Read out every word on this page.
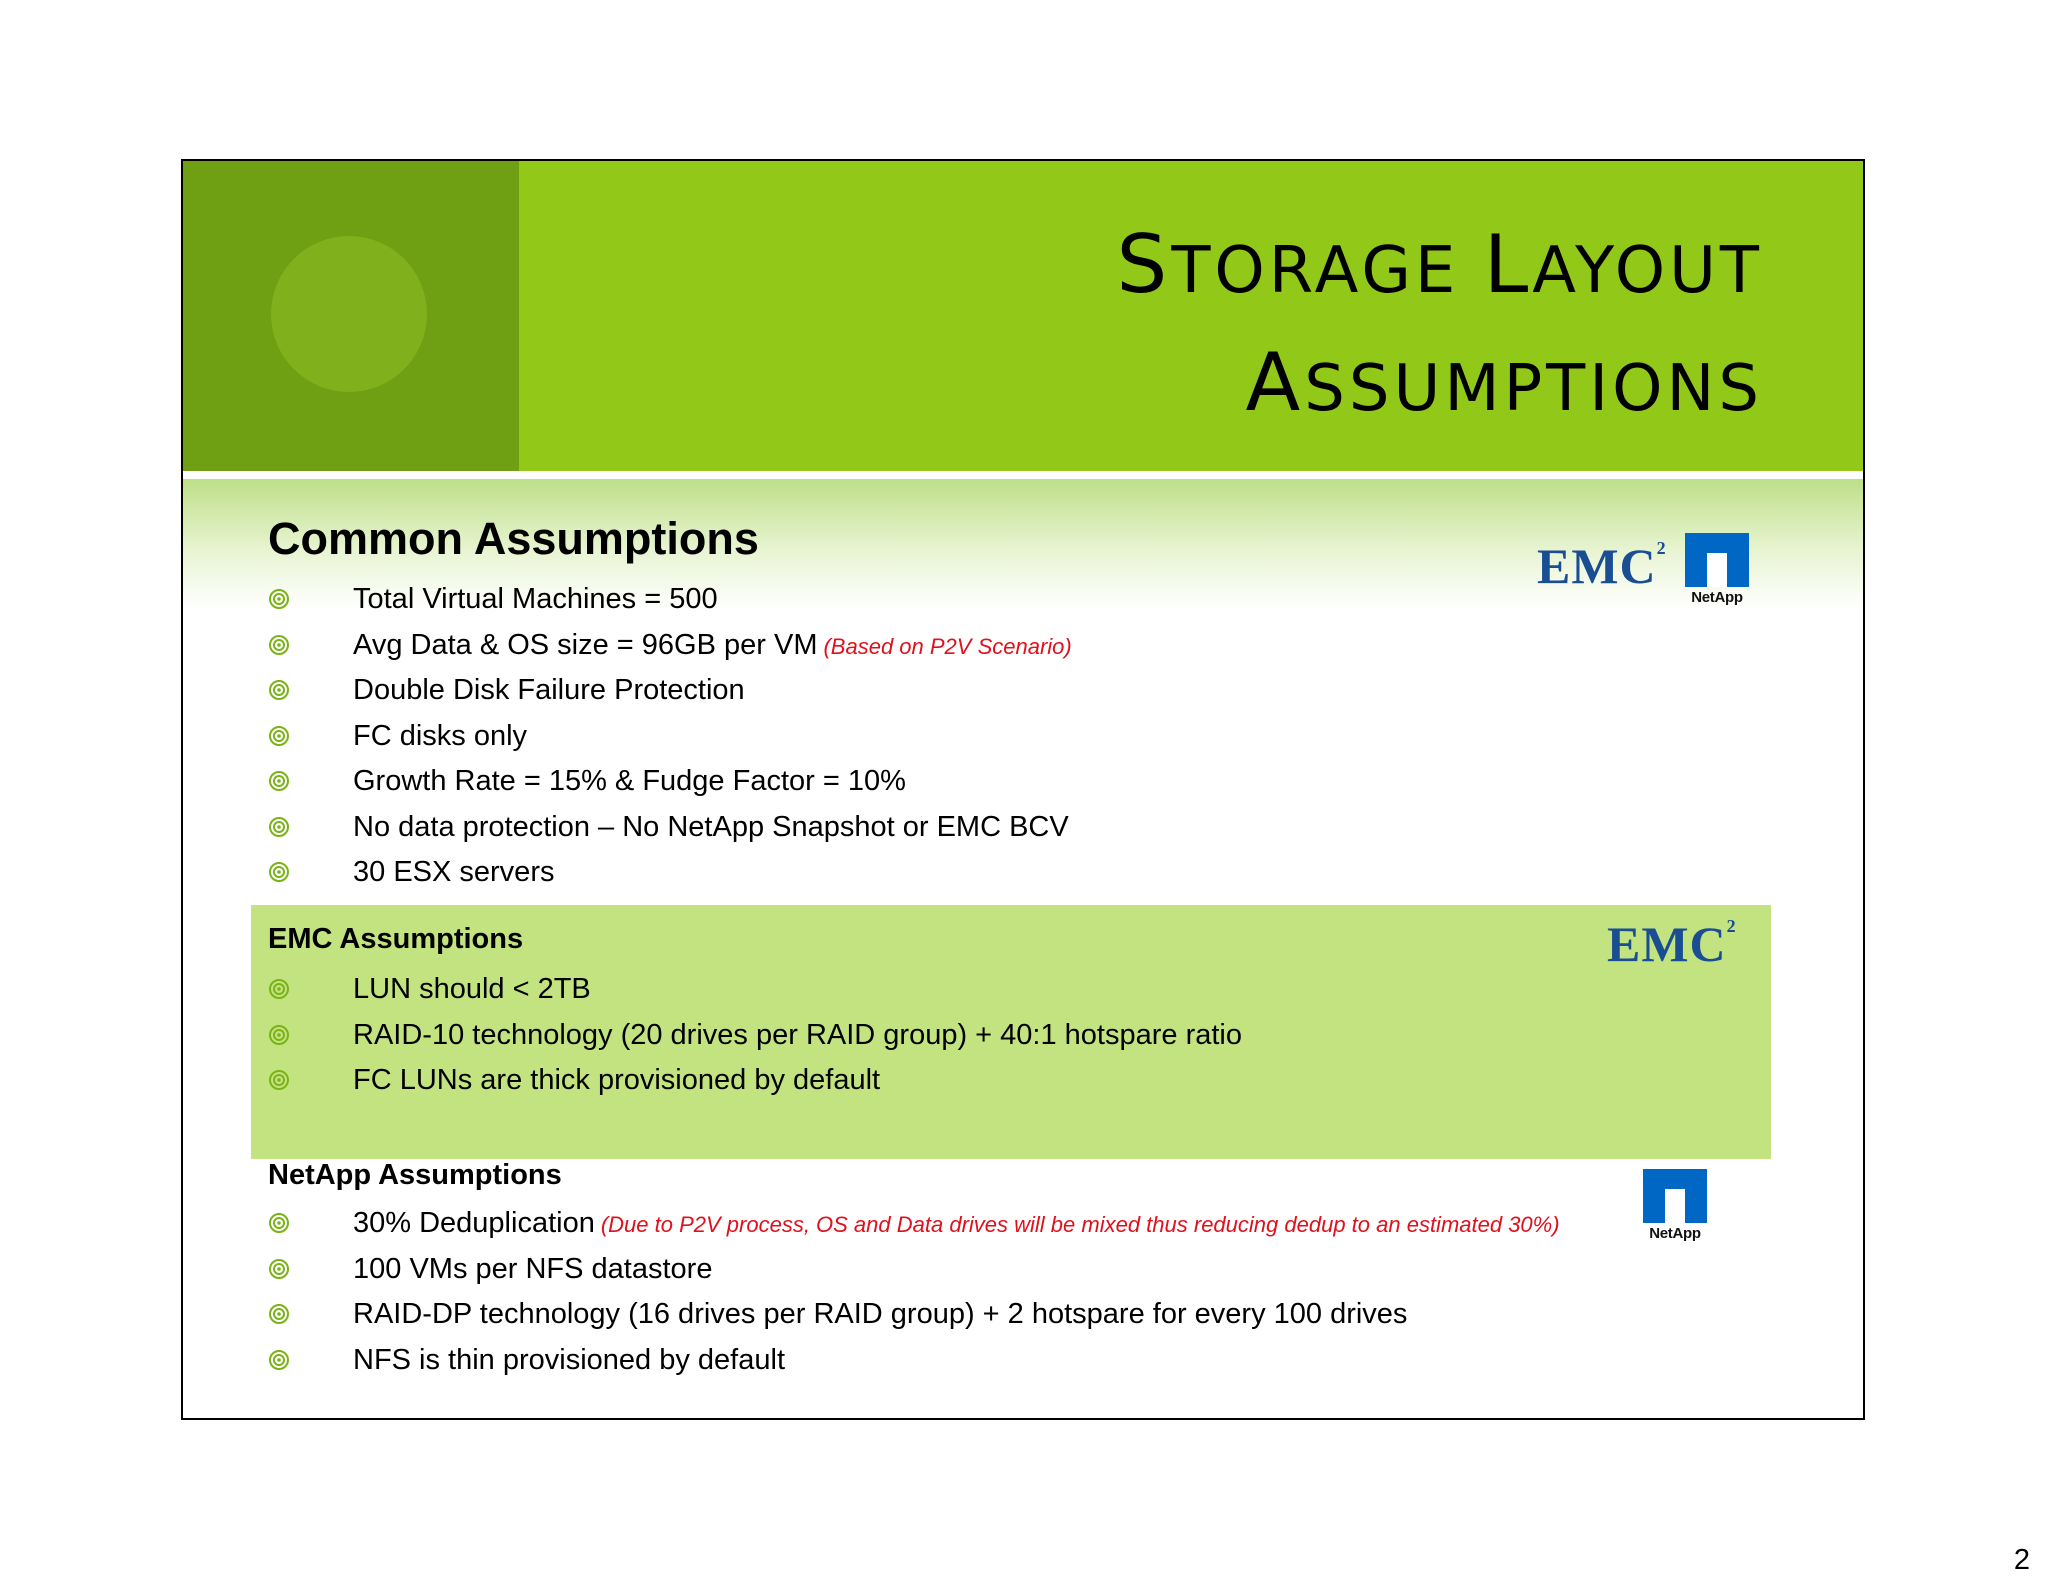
STORAGE LAYOUT
ASSUMPTIONS
Common Assumptions
Total Virtual Machines = 500
Avg Data & OS size = 96GB per VM (Based on P2V Scenario)
Double Disk Failure Protection
FC disks only
Growth Rate = 15% & Fudge Factor = 10%
No data protection – No NetApp Snapshot or EMC BCV
30 ESX servers
EMC Assumptions
LUN should < 2TB
RAID-10 technology (20 drives per RAID group) + 40:1 hotspare ratio
FC LUNs are thick provisioned by default
NetApp Assumptions
30% Deduplication (Due to P2V process, OS and Data drives will be mixed thus reducing dedup to an estimated 30%)
100 VMs per NFS datastore
RAID-DP technology (16 drives per RAID group) + 2 hotspare for every 100 drives
NFS is thin provisioned by default
EMC$^2$
NetApp
EMC$^2$
NetApp
2
